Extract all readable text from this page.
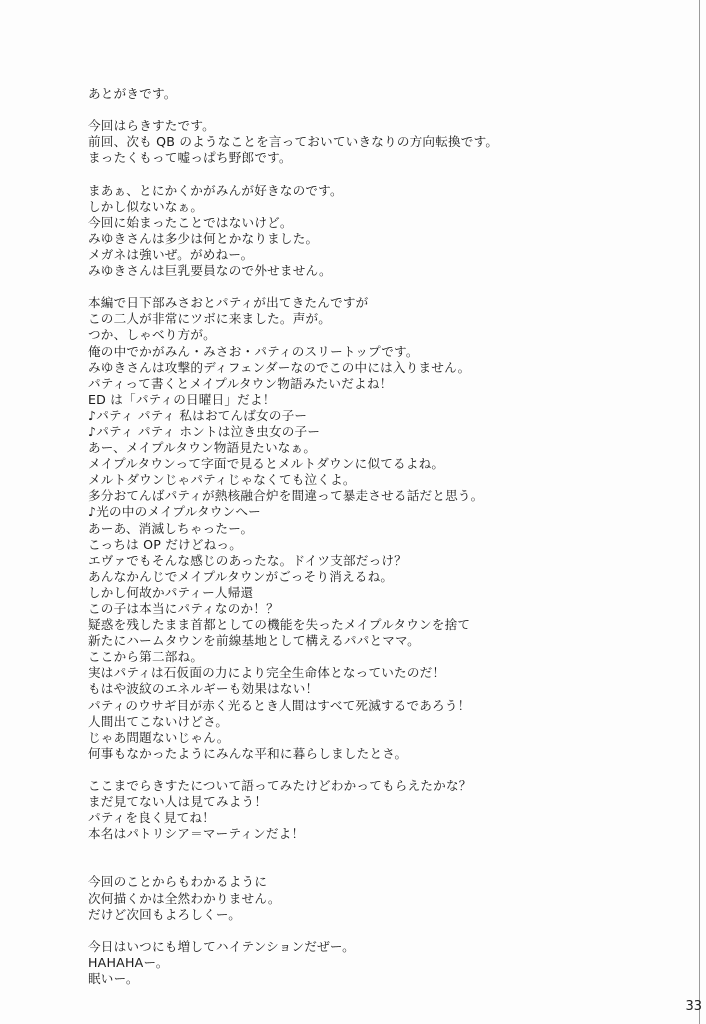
あとがきです。
今回はらきすたです。
前回、次も QB のようなことを言っておいていきなりの方向転換です。
まったくもって嘘っぱち野郎です。
まあぁ、とにかくかがみんが好きなのです。
しかし似ないなぁ。
今回に始まったことではないけど。
みゆきさんは多少は何とかなりました。
メガネは強いぜ。がめねー。
みゆきさんは巨乳要員なので外せません。
本編で日下部みさおとパティが出てきたんですが
この二人が非常にツボに来ました。声が。
つか、しゃべり方が。
俺の中でかがみん・みさお・パティのスリートップです。
みゆきさんは攻撃的ディフェンダーなのでこの中には入りません。
パティって書くとメイプルタウン物語みたいだよね！
ED は「パティの日曜日」だよ！
♪パティ パティ 私はおてんば女の子ー
♪パティ パティ ホントは泣き虫女の子ー
あー、メイプルタウン物語見たいなぁ。
メイプルタウンって字面で見るとメルトダウンに似てるよね。
メルトダウンじゃパティじゃなくても泣くよ。
多分おてんばパティが熱核融合炉を間違って暴走させる話だと思う。
♪光の中のメイプルタウンへー
あーあ、消滅しちゃったー。
こっちは OP だけどねっ。
エヴァでもそんな感じのあったな。ドイツ支部だっけ？
あんなかんじでメイプルタウンがごっそり消えるね。
しかし何故かパティー人帰還
この子は本当にパティなのか！？
疑惑を残したまま首都としての機能を失ったメイプルタウンを捨て
新たにハームタウンを前線基地として構えるパパとママ。
ここから第二部ね。
実はパティは石仮面の力により完全生命体となっていたのだ！
もはや波紋のエネルギーも効果はない！
パティのウサギ目が赤く光るとき人間はすべて死滅するであろう！
人間出てこないけどさ。
じゃあ問題ないじゃん。
何事もなかったようにみんな平和に暮らしましたとさ。
ここまでらきすたについて語ってみたけどわかってもらえたかな？
まだ見てない人は見てみよう！
パティを良く見てね！
本名はパトリシア＝マーティンだよ！
今回のことからもわかるように
次何描くかは全然わかりません。
だけど次回もよろしくー。
今日はいつにも増してハイテンションだぜー。
HAHAHAー。
眠いー。
33
